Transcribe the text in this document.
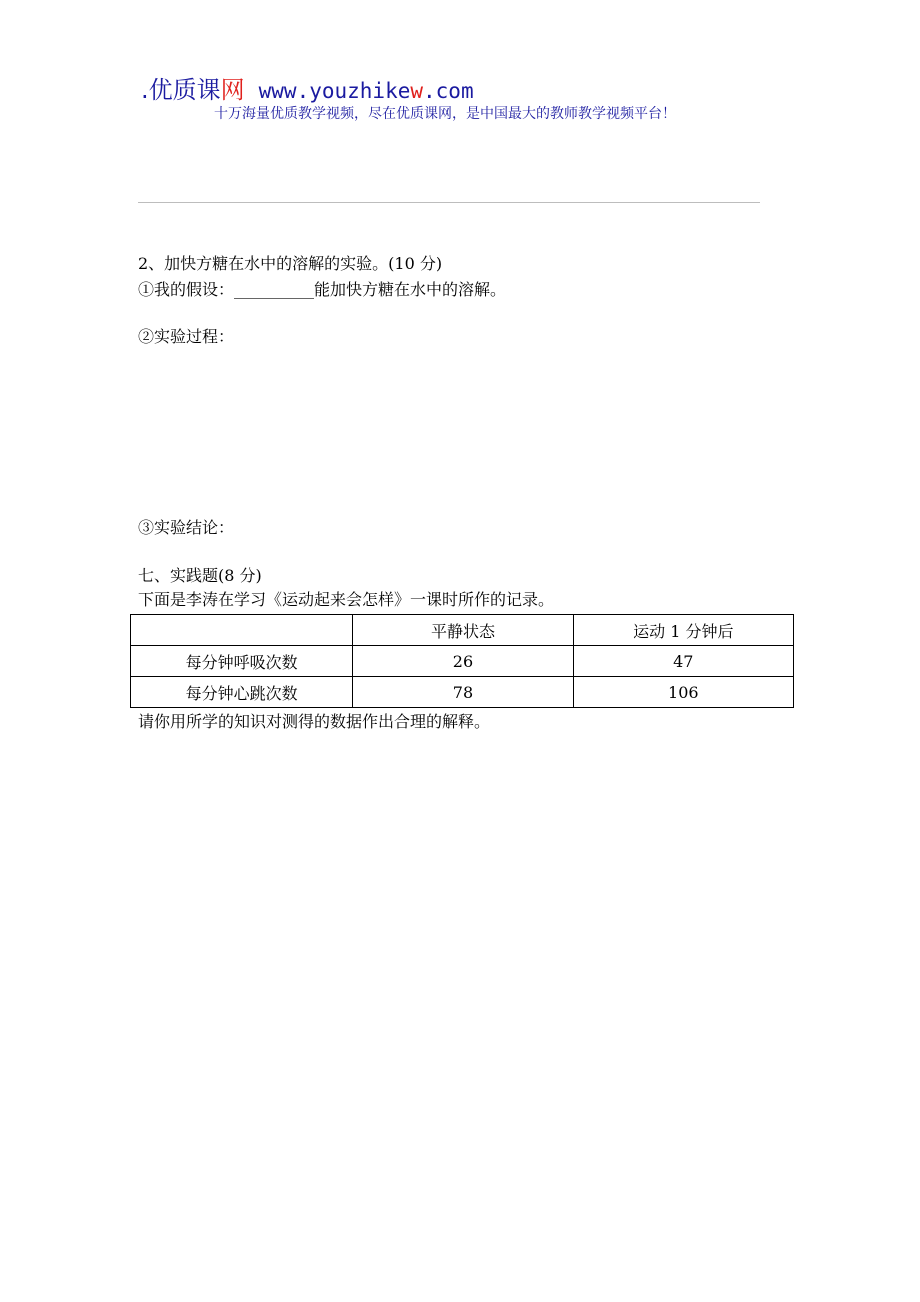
. 优质课 网 www.youzhike w .com
十万海量优质教学视频，尽在优质课网，是中国最大的教师教学视频平台！
2、加快方糖在水中的溶解的实验。(10 分)
①我的假设：__________能加快方糖在水中的溶解。
②实验过程：
③实验结论：
七、实践题(8 分)
下面是李涛在学习《运动起来会怎样》一课时所作的记录。
	平静状态	运动 1 分钟后
每分钟呼吸次数	26	47
每分钟心跳次数	78	106
请你用所学的知识对测得的数据作出合理的解释。
